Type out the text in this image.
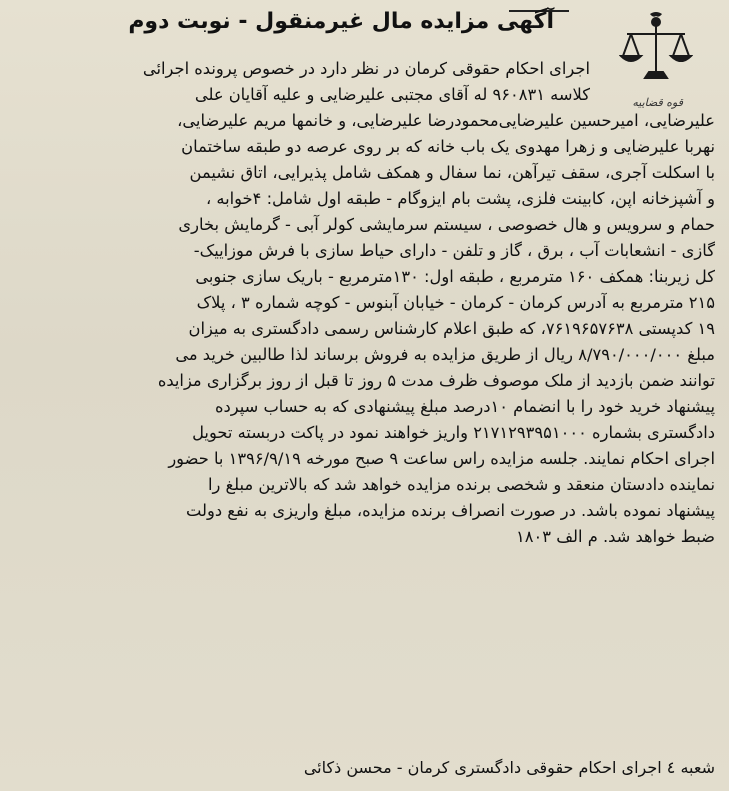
آگهی مزایده مال غیرمنقول - نوبت دوم
قوه قضاییه
اجرای احکام حقوقی کرمان در نظر دارد در خصوص پرونده اجرائی
کلاسه ۹۶۰۸۳۱ له آقای مجتبی علیرضایی و علیه آقایان علی
علیرضایی، امیرحسین علیرضایی‌محمودرضا علیرضایی، و خانمها مریم علیرضایی،
نهربا علیرضایی و زهرا مهدوی یک باب خانه که بر روی عرصه دو طبقه ساختمان
با اسکلت آجری، سقف تیرآهن، نما سفال و همکف شامل پذیرایی، اتاق نشیمن
و آشپزخانه اپن، کابینت فلزی، پشت بام ایزوگام - طبقه اول شامل: ۴خوابه ،
حمام و سرویس و هال خصوصی ، سیستم سرمایشی کولر آبی - گرمایش بخاری
گازی - انشعابات آب ، برق ، گاز و تلفن - دارای حیاط سازی با فرش موزاییک-
کل زیربنا: همکف ۱۶۰ مترمربع ، طبقه اول: ۱۳۰مترمربع - باریک سازی جنوبی
۲۱۵ مترمربع به آدرس کرمان - کرمان - خیابان آبنوس - کوچه شماره ۳ ، پلاک
۱۹ کدپستی ۷۶۱۹۶۵۷۶۳۸، که طبق اعلام کارشناس رسمی دادگستری به میزان
مبلغ ۸/۷۹۰/۰۰۰/۰۰۰ ریال از طریق مزایده به فروش برساند لذا طالبین خرید می
توانند ضمن بازدید از ملک موصوف ظرف مدت ۵ روز تا قبل از روز برگزاری مزایده
پیشنهاد خرید خود را با انضمام ۱۰درصد مبلغ پیشنهادی که به حساب سپرده
دادگستری بشماره ۲۱۷۱۲۹۳۹۵۱۰۰۰ واریز خواهند نمود در پاکت دربسته تحویل
اجرای احکام نمایند. جلسه مزایده راس ساعت ۹ صبح مورخه ۱۳۹۶/۹/۱۹ با حضور
نماینده دادستان منعقد و شخصی برنده مزایده خواهد شد که بالاترین مبلغ را
پیشنهاد نموده باشد. در صورت انصراف برنده مزایده، مبلغ واریزی به نفع دولت
ضبط خواهد شد. م الف ۱۸۰۳
شعبه ٤ اجرای احکام حقوقی دادگستری کرمان - محسن ذکائی
